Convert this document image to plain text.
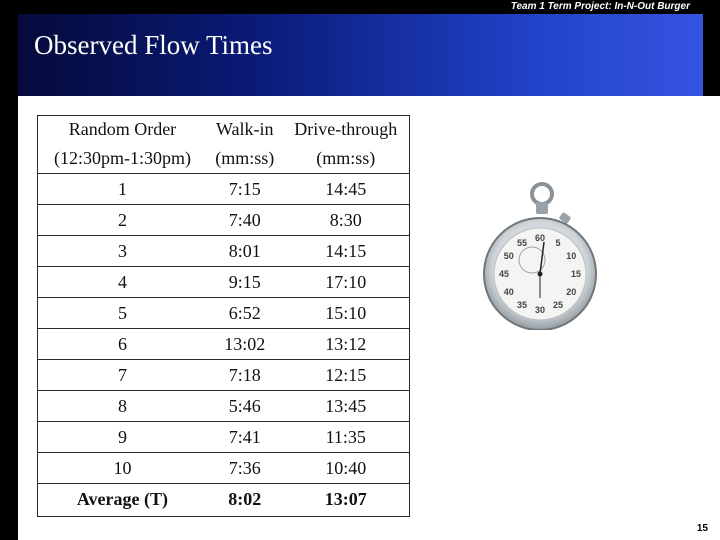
Team 1 Term Project: In-N-Out Burger
Observed Flow Times
Random Order	Walk-in	Drive-through
(12:30pm-1:30pm)	(mm:ss)	(mm:ss)
1	7:15	14:45
2	7:40	8:30
3	8:01	14:15
4	9:15	17:10
5	6:52	15:10
6	13:02	13:12
7	7:18	12:15
8	5:46	13:45
9	7:41	11:35
10	7:36	10:40
Average (T)	8:02	13:07
5
10
15
20
25
30
35
40
45
50
55 60
15
